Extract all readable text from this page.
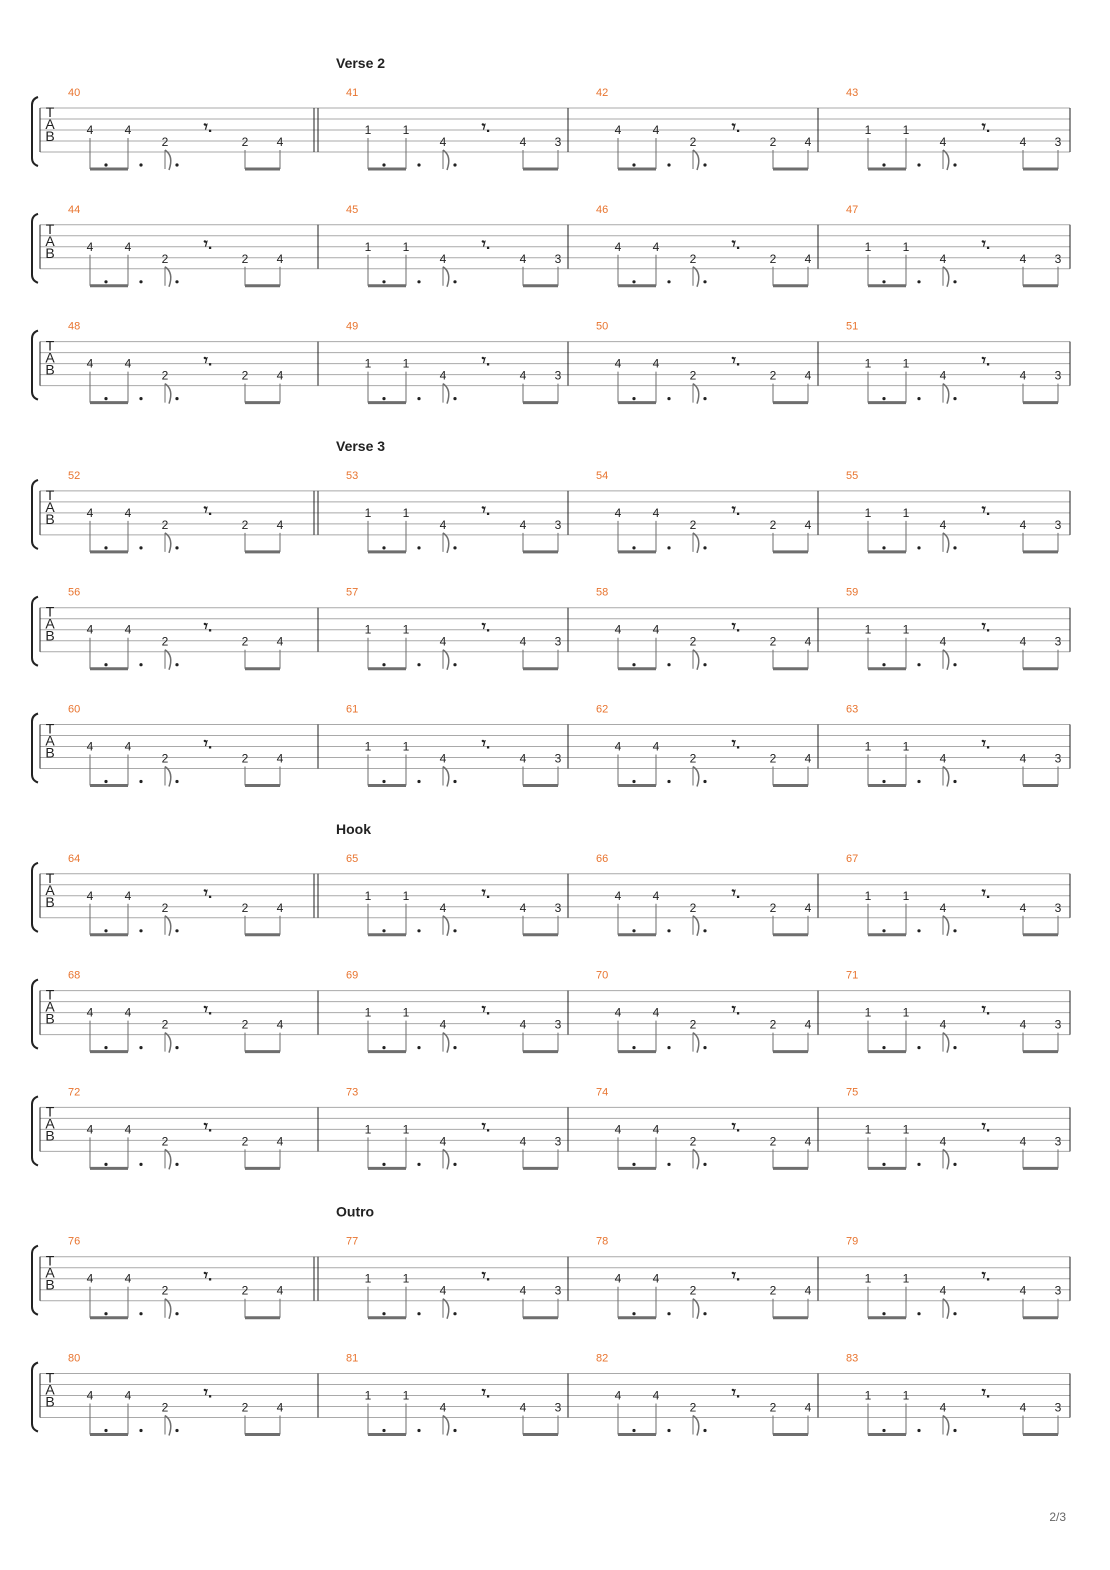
T
A
B
Verse 2
40
4	4
2	2 4
𝄾.
41
1	1
4	4 3
𝄾.
42
4	4
2	2 4
𝄾.
43
1	1
4	4 3
𝄾.
T
A
B
44
4	4
2	2 4
𝄾.
45
1	1
4	4 3
𝄾.
46
4	4
2	2 4
𝄾.
47
1	1
4	4 3
𝄾.
T
A
B
48
4	4
2	2 4
𝄾.
49
1	1
4	4 3
𝄾.
50
4	4
2	2 4
𝄾.
51
1	1
4	4 3
𝄾.
T
A
B
Verse 3
52
4	4
2	2 4
𝄾.
53
1	1
4	4 3
𝄾.
54
4	4
2	2 4
𝄾.
55
1	1
4	4 3
𝄾.
T
A
B
56
4	4
2	2 4
𝄾.
57
1	1
4	4 3
𝄾.
58
4	4
2	2 4
𝄾.
59
1	1
4	4 3
𝄾.
T
A
B
60
4	4
2	2 4
𝄾.
61
1	1
4	4 3
𝄾.
62
4	4
2	2 4
𝄾.
63
1	1
4	4 3
𝄾.
T
A
B
Hook
64
4	4
2	2 4
𝄾.
65
1	1
4	4 3
𝄾.
66
4	4
2	2 4
𝄾.
67
1	1
4	4 3
𝄾.
T
A
B
68
4	4
2	2 4
𝄾.
69
1	1
4	4 3
𝄾.
70
4	4
2	2 4
𝄾.
71
1	1
4	4 3
𝄾.
T
A
B
72
4	4
2	2 4
𝄾.
73
1	1
4	4 3
𝄾.
74
4	4
2	2 4
𝄾.
75
1	1
4	4 3
𝄾.
T
A
B
Outro
76
4	4
2	2 4
𝄾.
77
1	1
4	4 3
𝄾.
78
4	4
2	2 4
𝄾.
79
1	1
4	4 3
𝄾.
T
A
B
80
4	4
2	2 4
𝄾.
81
1	1
4	4 3
𝄾.
82
4	4
2	2 4
𝄾.
83
1	1
4	4 3
𝄾.
2/3
